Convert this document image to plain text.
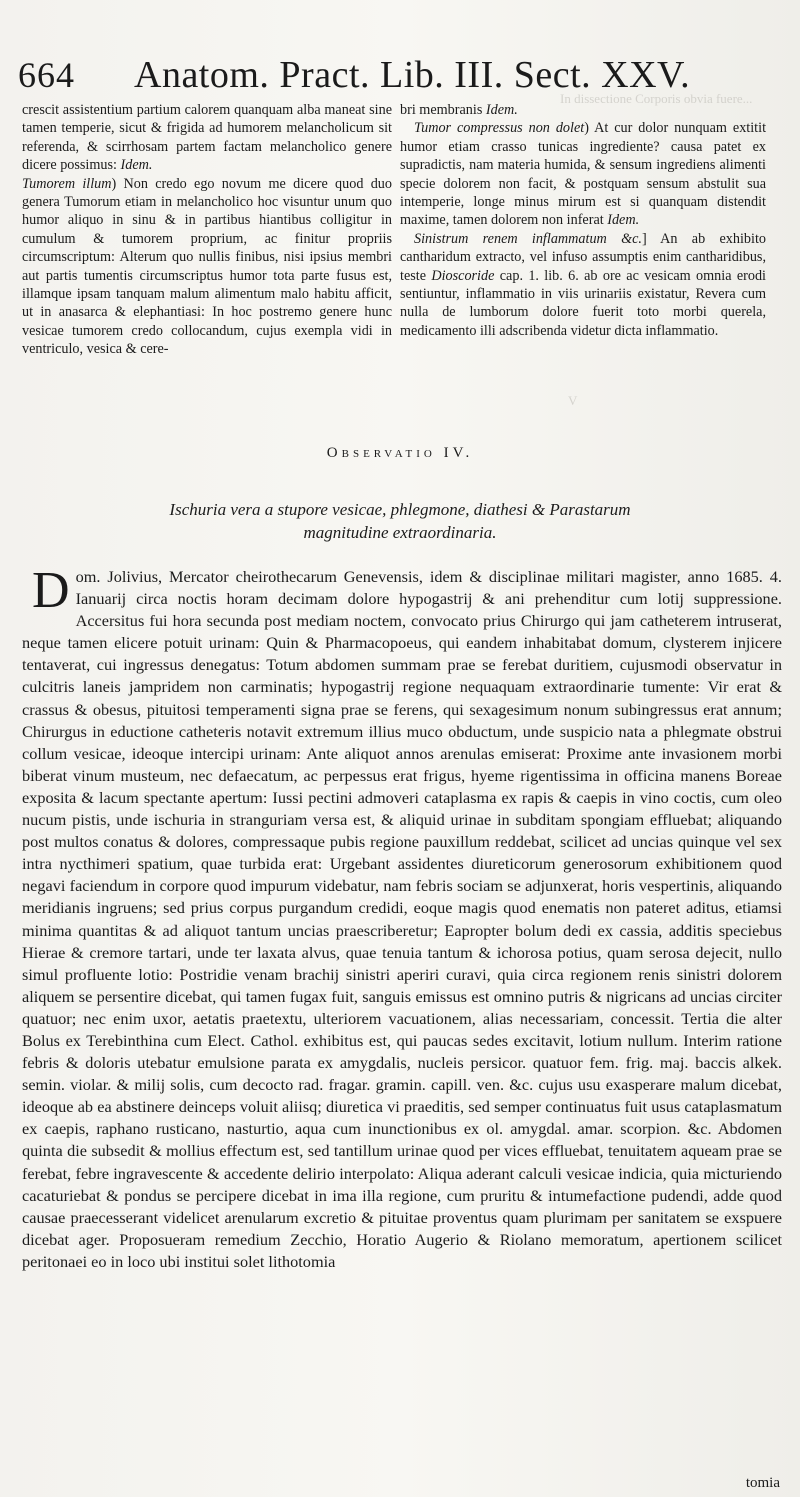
In dissectione Corporis obvia fuere...
V
664 Anatom. Pract. Lib. III. Sect. XXV.

crescit assistentium partium calorem quanquam alba maneat sine tamen temperie, sicut & frigida ad humorem melancholicum sit referenda, & scirrhosam partem factam melancholico genere dicere possimus: Idem.

Tumorem illum) Non credo ego novum me dicere quod duo genera Tumorum etiam in melancholico hoc visuntur unum quo humor aliquo in sinu & in partibus hiantibus colligitur in cumulum & tumorem proprium, ac finitur propriis circumscriptum: Alterum quo nullis finibus, nisi ipsius membri aut partis tumentis circumscriptus humor tota parte fusus est, illamque ipsam tanquam malum alimentum malo habitu afficit, ut in anasarca & elephantiasi: In hoc postremo genere hunc vesicae tumorem credo collocandum, cujus exempla vidi in ventriculo, vesica & cere-

bri membranis Idem.

Tumor compressus non dolet) At cur dolor nunquam extitit humor etiam crasso tunicas ingrediente? causa patet ex supradictis, nam materia humida, & sensum ingrediens alimenti specie dolorem non facit, & postquam sensum abstulit sua intemperie, longe minus mirum est si quanquam distendit maxime, tamen dolorem non inferat Idem.

Sinistrum renem inflammatum &c.] An ab exhibito cantharidum extracto, vel infuso assumptis enim cantharidibus, teste Dioscoride cap. 1. lib. 6. ab ore ac vesicam omnia erodi sentiuntur, inflammatio in viis urinariis existatur, Revera cum nulla de lumborum dolore fuerit toto morbi querela, medicamento illi adscribenda videtur dicta inflammatio.

Observatio IV.
Ischuria vera a stupore vesicae, phlegmone, diathesi & Parastarum magnitudine extraordinaria.
D om. Jolivius, Mercator cheirothecarum Genevensis, idem & disciplinae militari magister, anno 1685. 4. Ianuarij circa noctis horam decimam dolore hypogastrij & ani prehenditur cum lotij suppressione. Accersitus fui hora secunda post mediam noctem, convocato prius Chirurgo qui jam catheterem intruserat, neque tamen elicere potuit urinam: Quin & Pharmacopoeus, qui eandem inhabitabat domum, clysterem injicere tentaverat, cui ingressus denegatus: Totum abdomen summam prae se ferebat duritiem, cujusmodi observatur in culcitris laneis jampridem non carminatis; hypogastrij regione nequaquam extraordinarie tumente: Vir erat & crassus & obesus, pituitosi temperamenti signa prae se ferens, qui sexagesimum nonum subingressus erat annum; Chirurgus in eductione catheteris notavit extremum illius muco obductum, unde suspicio nata a phlegmate obstrui collum vesicae, ideoque intercipi urinam: Ante aliquot annos arenulas emiserat: Proxime ante invasionem morbi biberat vinum musteum, nec defaecatum, ac perpessus erat frigus, hyeme rigentissima in officina manens Boreae exposita & lacum spectante apertum: Iussi pectini admoveri cataplasma ex rapis & caepis in vino coctis, cum oleo nucum pistis, unde ischuria in stranguriam versa est, & aliquid urinae in subditam spongiam effluebat; aliquando post multos conatus & dolores, compressaque pubis regione pauxillum reddebat, scilicet ad uncias quinque vel sex intra nycthimeri spatium, quae turbida erat: Urgebant assidentes diureticorum generosorum exhibitionem quod negavi faciendum in corpore quod impurum videbatur, nam febris sociam se adjunxerat, horis vespertinis, aliquando meridianis ingruens; sed prius corpus purgandum credidi, eoque magis quod enematis non pateret aditus, etiamsi minima quantitas & ad aliquot tantum uncias praescriberetur; Eapropter bolum dedi ex cassia, additis speciebus Hierae & cremore tartari, unde ter laxata alvus, quae tenuia tantum & ichorosa potius, quam serosa dejecit, nullo simul profluente lotio: Postridie venam brachij sinistri aperiri curavi, quia circa regionem renis sinistri dolorem aliquem se persentire dicebat, qui tamen fugax fuit, sanguis emissus est omnino putris & nigricans ad uncias circiter quatuor; nec enim uxor, aetatis praetextu, ulteriorem vacuationem, alias necessariam, concessit. Tertia die alter Bolus ex Terebinthina cum Elect. Cathol. exhibitus est, qui paucas sedes excitavit, lotium nullum. Interim ratione febris & doloris utebatur emulsione parata ex amygdalis, nucleis persicor. quatuor fem. frig. maj. baccis alkek. semin. violar. & milij solis, cum decocto rad. fragar. gramin. capill. ven. &c. cujus usu exasperare malum dicebat, ideoque ab ea abstinere deinceps voluit aliisq; diuretica vi praeditis, sed semper continuatus fuit usus cataplasmatum ex caepis, raphano rusticano, nasturtio, aqua cum inunctionibus ex ol. amygdal. amar. scorpion. &c. Abdomen quinta die subsedit & mollius effectum est, sed tantillum urinae quod per vices effluebat, tenuitatem aqueam prae se ferebat, febre ingravescente & accedente delirio interpolato: Aliqua aderant calculi vesicae indicia, quia micturiendo cacaturiebat & pondus se percipere dicebat in ima illa regione, cum pruritu & intumefactione pudendi, adde quod causae praecesserant videlicet arenularum excretio & pituitae proventus quam plurimam per sanitatem se exspuere dicebat ager. Proposueram remedium Zecchio, Horatio Augerio & Riolano memoratum, apertionem scilicet peritonaei eo in loco ubi institui solet lithotomia

tomia
